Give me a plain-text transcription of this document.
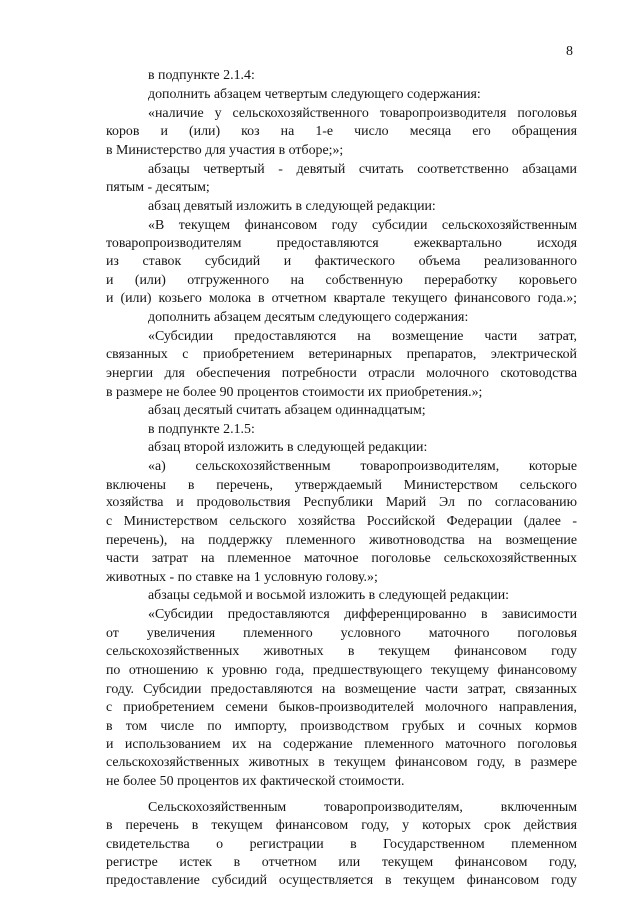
8
в подпункте 2.1.4:
дополнить абзацем четвертым следующего содержания:
«наличие у сельскохозяйственного товаропроизводителя поголовья
коров и (или) коз на 1-е число месяца его обращения
в Министерство для участия в отборе;»;
абзацы четвертый - девятый считать соответственно абзацами
пятым - десятым;
абзац девятый изложить в следующей редакции:
«В текущем финансовом году субсидии сельскохозяйственным
товаропроизводителям предоставляются ежеквартально исходя
из ставок субсидий и фактического объема реализованного
и (или) отгруженного на собственную переработку коровьего
и (или) козьего молока в отчетном квартале текущего финансового года.»;
дополнить абзацем десятым следующего содержания:
«Субсидии предоставляются на возмещение части затрат,
связанных с приобретением ветеринарных препаратов, электрической
энергии для обеспечения потребности отрасли молочного скотоводства
в размере не более 90 процентов стоимости их приобретения.»;
абзац десятый считать абзацем одиннадцатым;
в подпункте 2.1.5:
абзац второй изложить в следующей редакции:
«а) сельскохозяйственным товаропроизводителям, которые
включены в перечень, утверждаемый Министерством сельского
хозяйства и продовольствия Республики Марий Эл по согласованию
с Министерством сельского хозяйства Российской Федерации (далее -
перечень), на поддержку племенного животноводства на возмещение
части затрат на племенное маточное поголовье сельскохозяйственных
животных - по ставке на 1 условную голову.»;
абзацы седьмой и восьмой изложить в следующей редакции:
«Субсидии предоставляются дифференцированно в зависимости
от увеличения племенного условного маточного поголовья
сельскохозяйственных животных в текущем финансовом году
по отношению к уровню года, предшествующего текущему финансовому
году. Субсидии предоставляются на возмещение части затрат, связанных
с приобретением семени быков-производителей молочного направления,
в том числе по импорту, производством грубых и сочных кормов
и использованием их на содержание племенного маточного поголовья
сельскохозяйственных животных в текущем финансовом году, в размере
не более 50 процентов их фактической стоимости.
Сельскохозяйственным товаропроизводителям, включенным
в перечень в текущем финансовом году, у которых срок действия
свидетельства о регистрации в Государственном племенном
регистре истек в отчетном или текущем финансовом году,
предоставление субсидий осуществляется в текущем финансовом году
